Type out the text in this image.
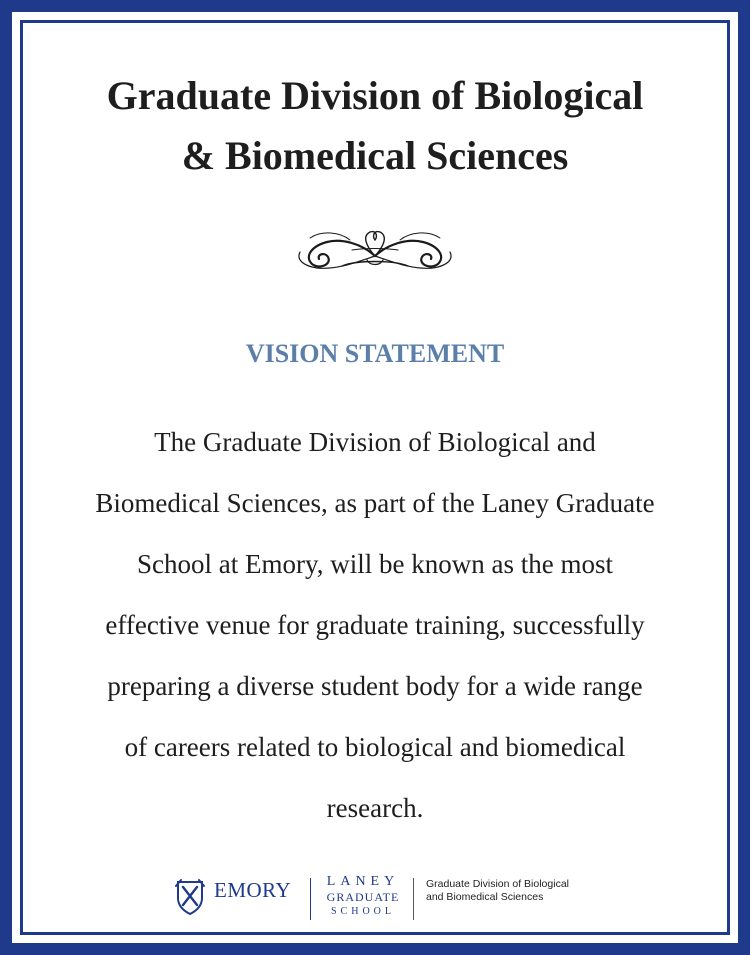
Graduate Division of Biological
& Biomedical Sciences
VISION STATEMENT
The Graduate Division of Biological and
Biomedical Sciences, as part of the Laney Graduate
School at Emory, will be known as the most
effective venue for graduate training, successfully
preparing a diverse student body for a wide range
of careers related to biological and biomedical
research.
EMORY	LANEY
GRADUATE
SCHOOL
Graduate Division of Biological
and Biomedical Sciences
